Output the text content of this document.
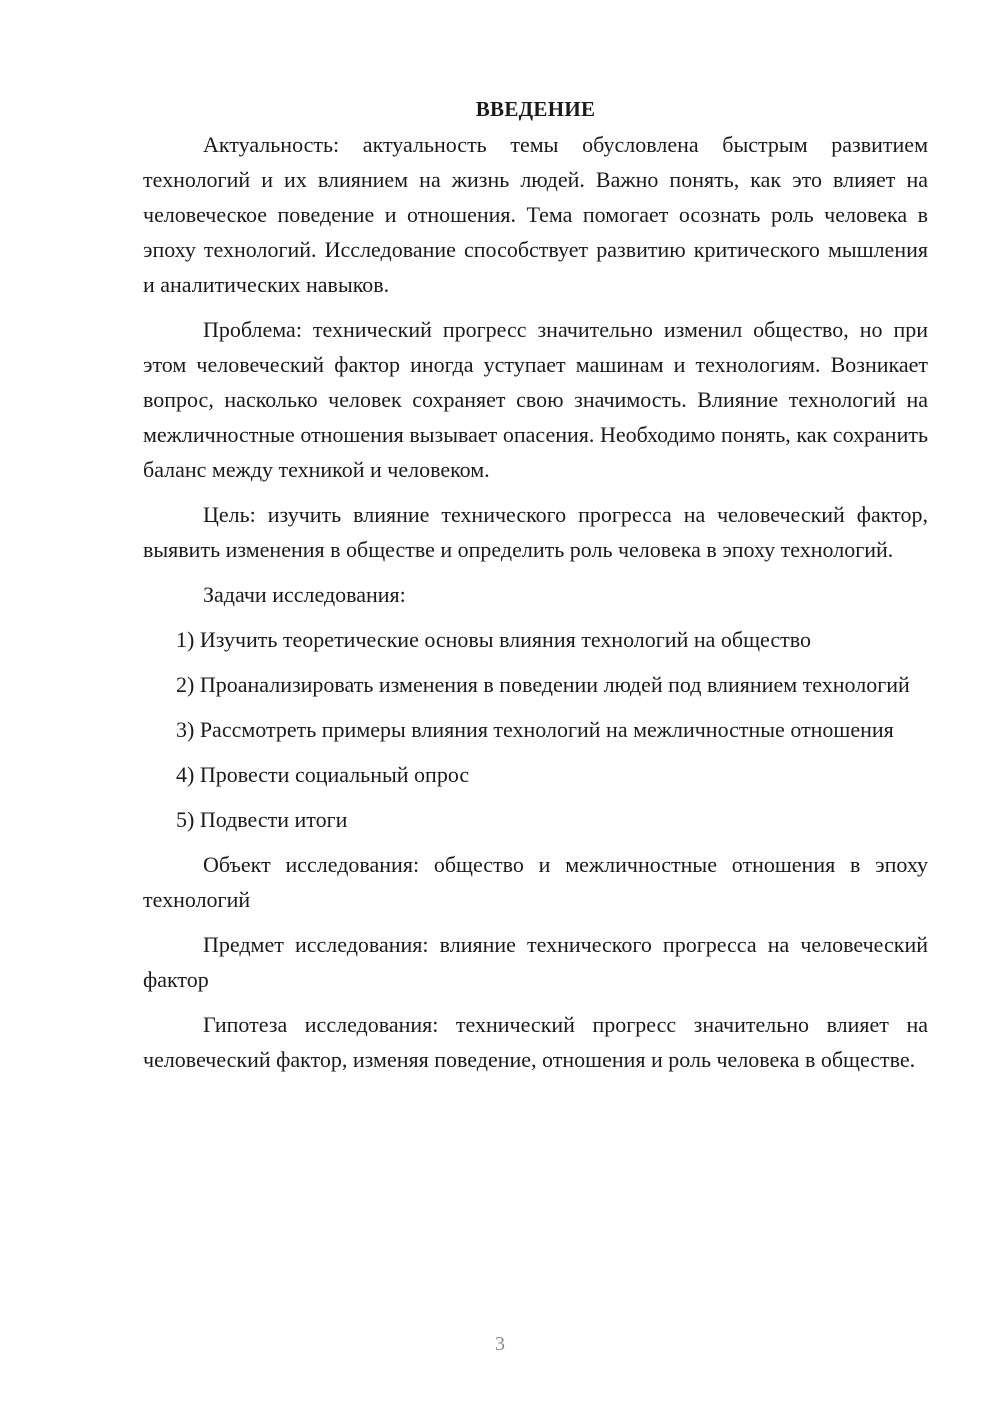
ВВЕДЕНИЕ

Актуальность: актуальность темы обусловлена быстрым развитием технологий и их влиянием на жизнь людей. Важно понять, как это влияет на человеческое поведение и отношения. Тема помогает осознать роль человека в эпоху технологий. Исследование способствует развитию критического мышления и аналитических навыков.

Проблема: технический прогресс значительно изменил общество, но при этом человеческий фактор иногда уступает машинам и технологиям. Возникает вопрос, насколько человек сохраняет свою значимость. Влияние технологий на межличностные отношения вызывает опасения. Необходимо понять, как сохранить баланс между техникой и человеком.

Цель: изучить влияние технического прогресса на человеческий фактор, выявить изменения в обществе и определить роль человека в эпоху технологий.

Задачи исследования:

1) Изучить теоретические основы влияния технологий на общество

2) Проанализировать изменения в поведении людей под влиянием технологий

3) Рассмотреть примеры влияния технологий на межличностные отношения

4) Провести социальный опрос

5) Подвести итоги

Объект исследования: общество и межличностные отношения в эпоху технологий

Предмет исследования: влияние технического прогресса на человеческий фактор

Гипотеза исследования: технический прогресс значительно влияет на человеческий фактор, изменяя поведение, отношения и роль человека в обществе.

3
